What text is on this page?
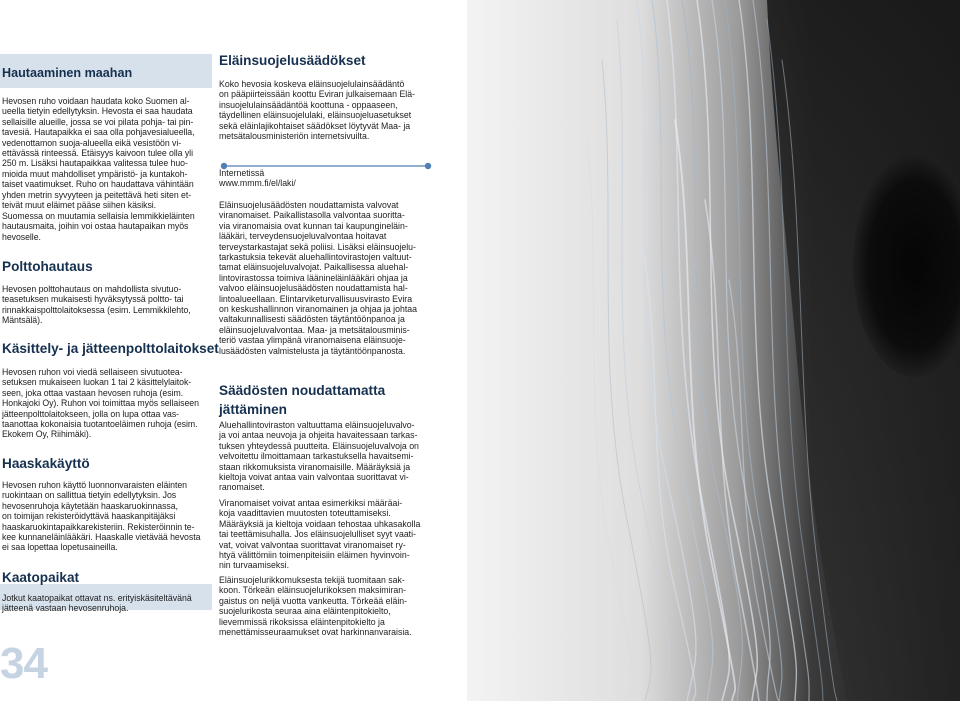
Hautaaminen maahan

Hevosen ruho voidaan haudata koko Suomen al-
ueella tietyin edellytyksin. Hevosta ei saa haudata
sellaisille alueille, jossa se voi pilata pohja- tai pin-
tavesiä. Hautapaikka ei saa olla pohjavesialueella,
vedenottamon suoja-alueella eikä vesistöön vi-
ettävässä rinteessä. Etäisyys kaivoon tulee olla yli
250 m. Lisäksi hautapaikkaa valitessa tulee huo-
mioida muut mahdolliset ympäristö- ja kuntakoh-
taiset vaatimukset. Ruho on haudattava vähintään
yhden metrin syvyyteen ja peitettävä heti siten et-
teivät muut eläimet pääse siihen käsiksi.

Suomessa on muutamia sellaisia lemmikkieläinten
hautausmaita, joihin voi ostaa hautapaikan myös
hevoselle.

Polttohautaus

Hevosen polttohautaus on mahdollista sivutuo-
teasetuksen mukaisesti hyväksytyssä poltto- tai
rinnakkaispolttolaitoksessa (esim. Lemmikkilehto,
Mäntsälä).

Käsittely- ja jätteenpolttolaitokset

Hevosen ruhon voi viedä sellaiseen sivutuotea-
setuksen mukaiseen luokan 1 tai 2 käsittelylaitok-
seen, joka ottaa vastaan hevosen ruhoja (esim.
Honkajoki Oy). Ruhon voi toimittaa myös sellaiseen
jätteenpolttolaitokseen, jolla on lupa ottaa vas-
taanottaa kokonaisia tuotantoeläimen ruhoja (esim.
Ekokem Oy, Riihimäki).

Haaskakäyttö

Hevosen ruhon käyttö luonnonvaraisten eläinten
ruokintaan on sallittua tietyin edellytyksin. Jos
hevosenruhoja käytetään haaskaruokinnassa,
on toimijan rekisteröidyttävä haaskanpitäjäksi
haaskaruokintapaikkarekisteriin. Rekisteröinnin te-
kee kunnaneläinlääkäri. Haaskalle vietävää hevosta
ei saa lopettaa lopetusaineilla.

Kaatopaikat

Jotkut kaatopaikat ottavat ns. erityiskäsiteltävänä
jätteenä vastaan hevosenruhoja.

34

Eläinsuojelusäädökset

Koko hevosia koskeva eläinsuojelulainsäädäntö
on pääpiirteissään koottu Eviran julkaisemaan Elä-
insuojelulainsäädäntöä koottuna - oppaaseen,
täydellinen eläinsuojelulaki, eläinsuojeluasetukset
sekä eläinlajikohtaiset säädökset löytyvät Maa- ja
metsätalousministeriön internetsivuilta.

Internetissä
www.mmm.fi/el/laki/

Eläinsuojelusäädösten noudattamista valvovat
viranomaiset. Paikallistasolla valvontaa suoritta-
via viranomaisia ovat kunnan tai kaupungineläin-
lääkäri, terveydensuojeluvalvontaa hoitavat
terveystarkastajat sekä poliisi. Lisäksi eläinsuojelu-
tarkastuksia tekevät aluehallintovirastojen valtuut-
tamat eläinsuojeluvalvojat. Paikallisessa aluehal-
lintovirastossa toimiva läänineläinlääkäri ohjaa ja
valvoo eläinsuojelusäädösten noudattamista hal-
lintoalueellaan. Elintarviketurvallisuusvirasto Evira
on keskushallinnon viranomainen ja ohjaa ja johtaa
valtakunnallisesti säädösten täytäntöönpanoa ja
eläinsuojeluvalvontaa. Maa- ja metsätalousminis-
teriö vastaa ylimpänä viranomaisena eläinsuoje-
lusäädösten valmistelusta ja täytäntöönpanosta.

Säädösten noudattamatta
jättäminen

Aluehallintoviraston valtuuttama eläinsuojeluvalvo-
ja voi antaa neuvoja ja ohjeita havaitessaan tarkas-
tuksen yhteydessä puutteita. Eläinsuojeluvalvoja on
velvoitettu ilmoittamaan tarkastuksella havaitsemi-
staan rikkomuksista viranomaisille. Määräyksiä ja
kieltoja voivat antaa vain valvontaa suorittavat vi-
ranomaiset.

Viranomaiset voivat antaa esimerkiksi määräai-
koja vaadittavien muutosten toteuttamiseksi.
Määräyksiä ja kieltoja voidaan tehostaa uhkasakolla
tai teettämisuhalla. Jos eläinsuojelulliset syyt vaati-
vat, voivat valvontaa suorittavat viranomaiset ry-
htyä välittömiin toimenpiteisiin eläimen hyvinvoin-
nin turvaamiseksi.

Eläinsuojelurikkomuksesta tekijä tuomitaan sak-
koon. Törkeän eläinsuojelurikoksen maksimiran-
gaistus on neljä vuotta vankeutta. Törkeää eläin-
suojelurikosta seuraa aina eläintenpitokielto,
lievemmissä rikoksissa eläintenpitokielto ja
menettämisseuraamukset ovat harkinnanvaraisia.
